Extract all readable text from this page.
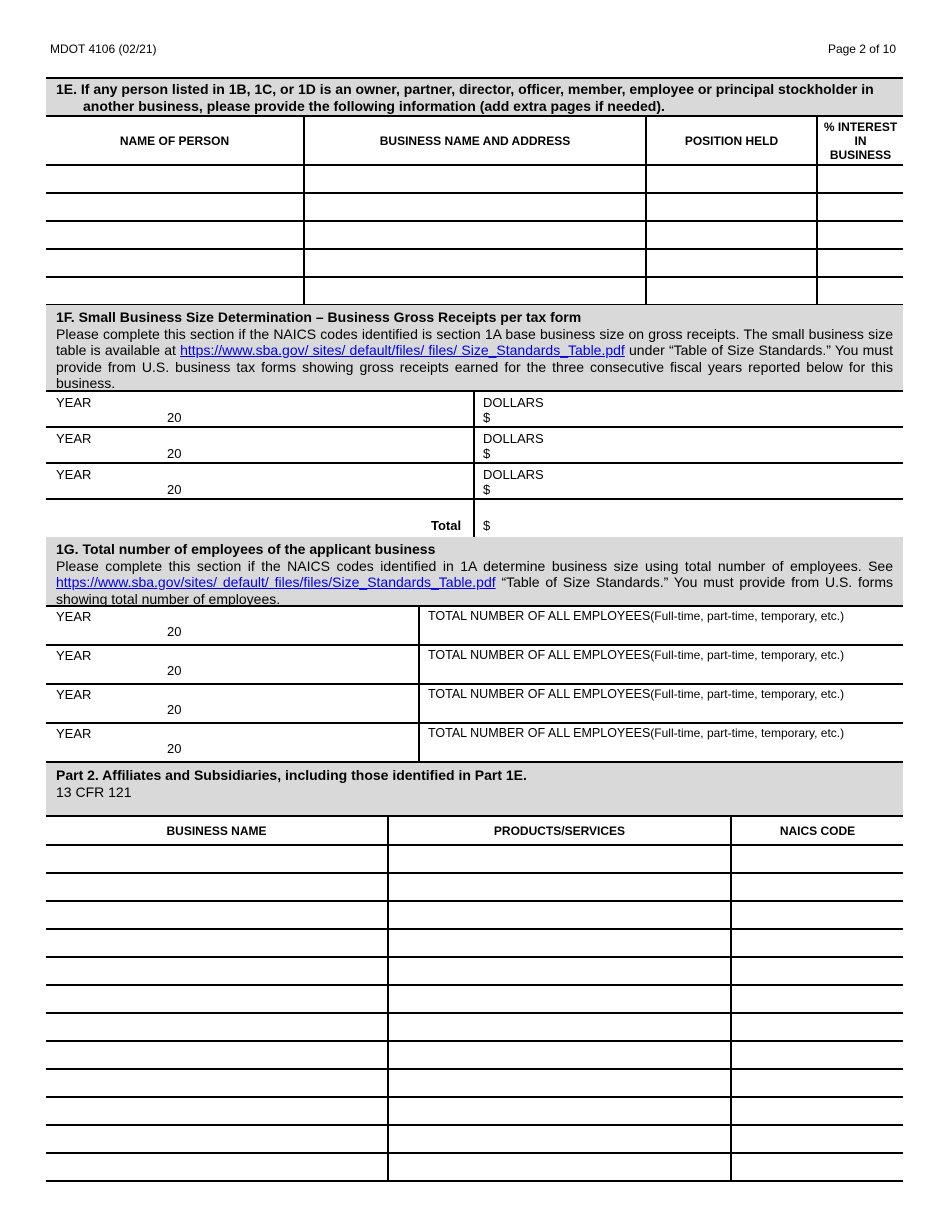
MDOT 4106 (02/21)	Page 2 of 10
1E. If any person listed in 1B, 1C, or 1D is an owner, partner, director, officer, member, employee or principal stockholder in
another business, please provide the following information (add extra pages if needed).
NAME OF PERSON	BUSINESS NAME AND ADDRESS	POSITION HELD	% INTEREST
IN
BUSINESS

1F. Small Business Size Determination – Business Gross Receipts per tax form
Please complete this section if the NAICS codes identified is section 1A base business size on gross receipts. The small business size table is available at https://www.sba.gov/ sites/ default/files/ files/ Size_Standards_Table.pdf under “Table of Size Standards.” You must provide from U.S. business tax forms showing gross receipts earned for the three consecutive fiscal years reported below for this business.
YEAR
20
DOLLARS
$
YEAR
20
DOLLARS
$
YEAR
20
DOLLARS
$
Total $
1G. Total number of employees of the applicant business
Please complete this section if the NAICS codes identified in 1A determine business size using total number of employees. See https://www.sba.gov/sites/ default/ files/files/Size_Standards_Table.pdf “Table of Size Standards.” You must provide from U.S. forms showing total number of employees.
YEAR
20
TOTAL NUMBER OF ALL EMPLOYEES(Full-time, part-time, temporary, etc.)
YEAR
20
TOTAL NUMBER OF ALL EMPLOYEES(Full-time, part-time, temporary, etc.)
YEAR
20
TOTAL NUMBER OF ALL EMPLOYEES(Full-time, part-time, temporary, etc.)
YEAR
20
TOTAL NUMBER OF ALL EMPLOYEES(Full-time, part-time, temporary, etc.)
Part 2. Affiliates and Subsidiaries, including those identified in Part 1E.
13 CFR 121
BUSINESS NAME	PRODUCTS/SERVICES	NAICS CODE
